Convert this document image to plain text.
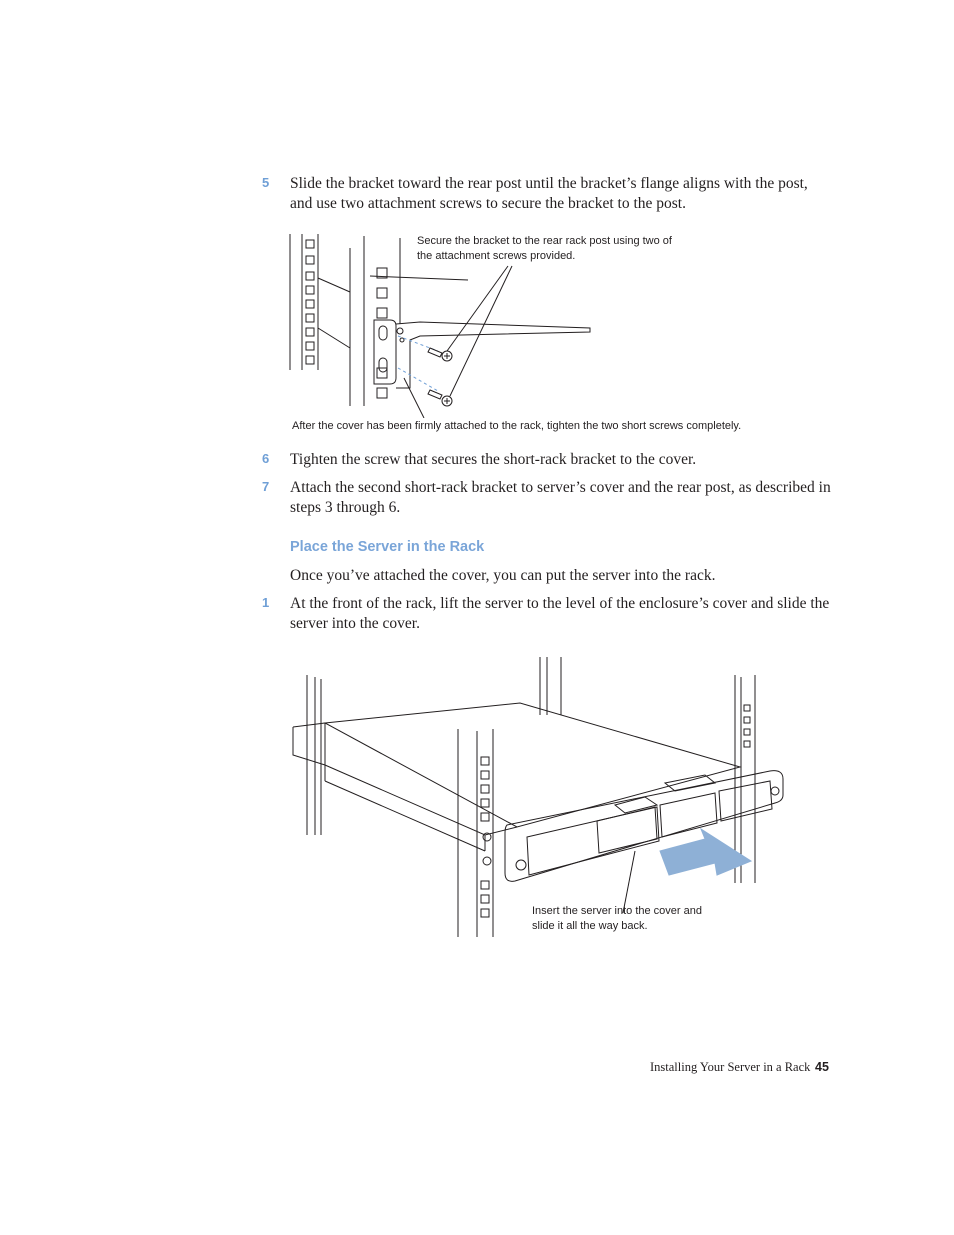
5 Slide the bracket toward the rear post until the bracket’s flange aligns with the post, and use two attachment screws to secure the bracket to the post.
Secure the bracket to the rear rack post using two of the attachment screws provided.
After the cover has been firmly attached to the rack, tighten the two short screws completely.
6 Tighten the screw that secures the short-rack bracket to the cover.
7 Attach the second short-rack bracket to server’s cover and the rear post, as described in steps 3 through 6.
Place the Server in the Rack
Once you’ve attached the cover, you can put the server into the rack.
1 At the front of the rack, lift the server to the level of the enclosure’s cover and slide the server into the cover.
Insert the server into the cover and slide it all the way back.
Installing Your Server in a Rack 45
